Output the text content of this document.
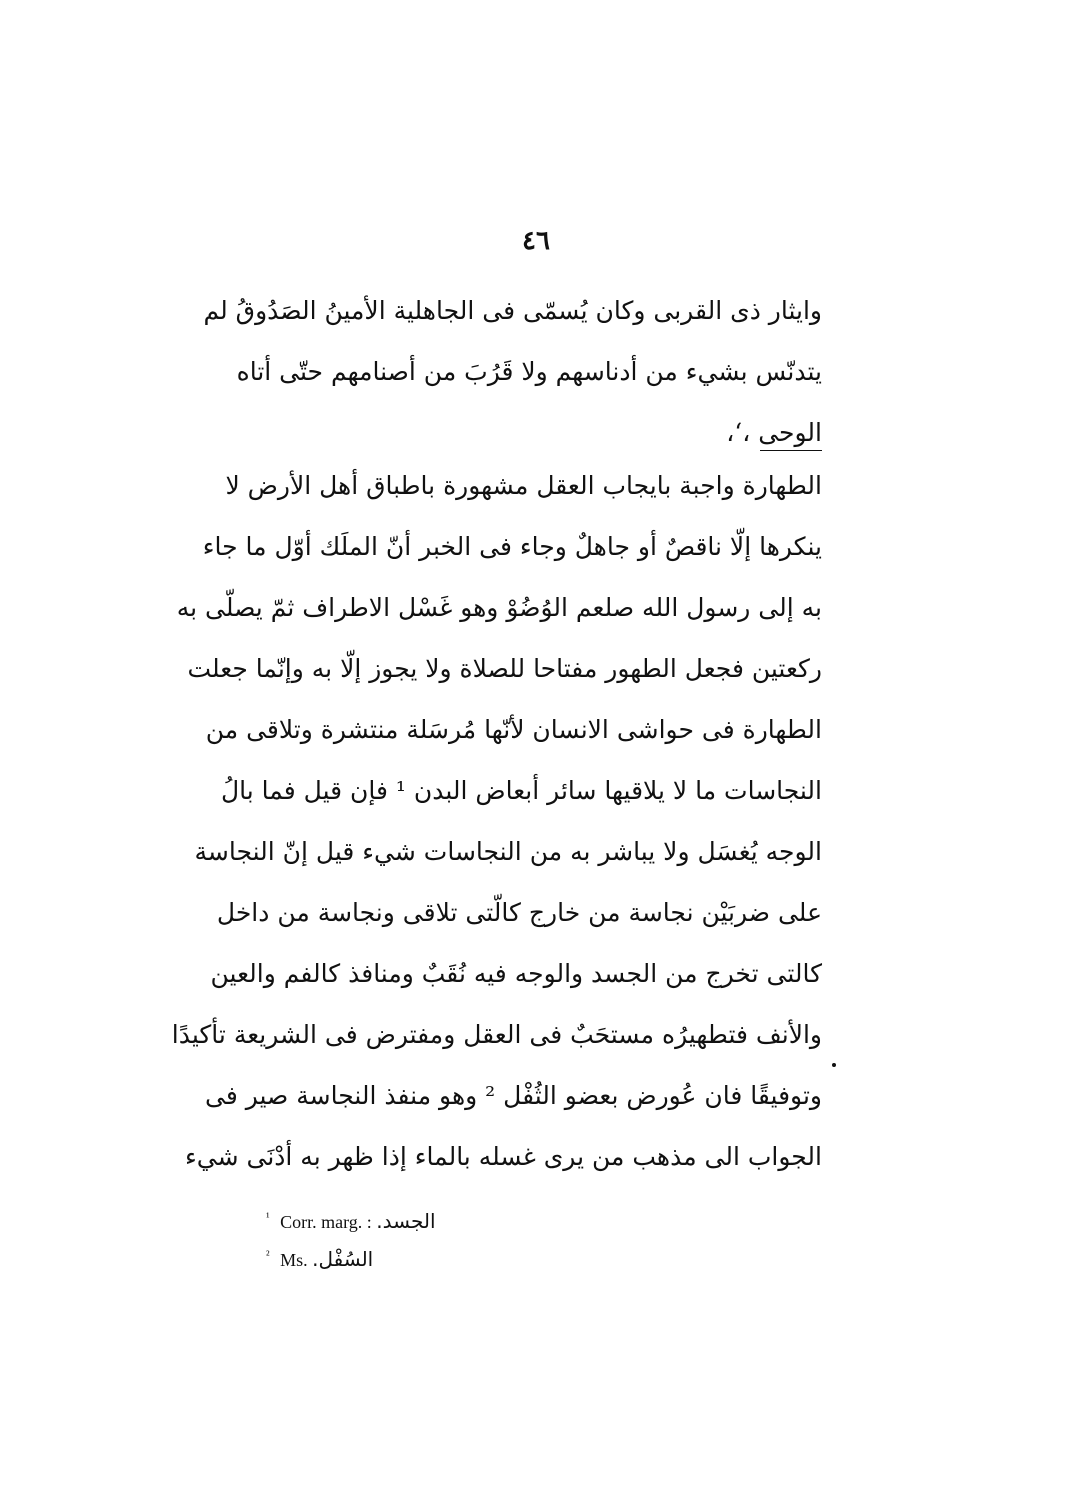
٤٦
وايثار ذى القربى وكان يُسمّى فى الجاهلية الأمينُ الصَدُوقُ لم
يتدنّس بشيء من أدناسهم ولا قَرُبَ من أصنامهم حتّى أتاه
الوحى ،‘،
الطهارة واجبة بايجاب العقل مشهورة باطباق أهل الأرض لا
ينكرها إلّا ناقصٌ أو جاهلٌ وجاء فى الخبر أنّ الملَك أوّل ما جاء
به إلى رسول الله صلعم الوُضُوْ وهو غَسْل الاطراف ثمّ يصلّى به
ركعتين فجعل الطهور مفتاحا للصلاة ولا يجوز إلّا به وإنّما جعلت
الطهارة فى حواشى الانسان لأنّها مُرسَلة منتشرة وتلاقى من
النجاسات ما لا يلاقيها سائر أبعاض البدن ¹ فإن قيل فما بالُ
الوجه يُغسَل ولا يباشر به من النجاسات شيء قيل إنّ النجاسة
على ضربَيْن نجاسة من خارج كالّتى تلاقى ونجاسة من داخل
كالتى تخرج من الجسد والوجه فيه نُقَبٌ ومنافذ كالفم والعين
والأنف فتطهيرُه مستحَبٌ فى العقل ومفترض فى الشريعة تأكيدًا
وتوفيقًا فان عُورض بعضو الثُفْل ² وهو منفذ النجاسة صير فى
الجواب الى مذهب من يرى غسله بالماء إذا ظهر به أدْنَى شيء
$^{^1}$ Corr. marg. : الجسد.
$^{^2}$ Ms. السُفْل.
